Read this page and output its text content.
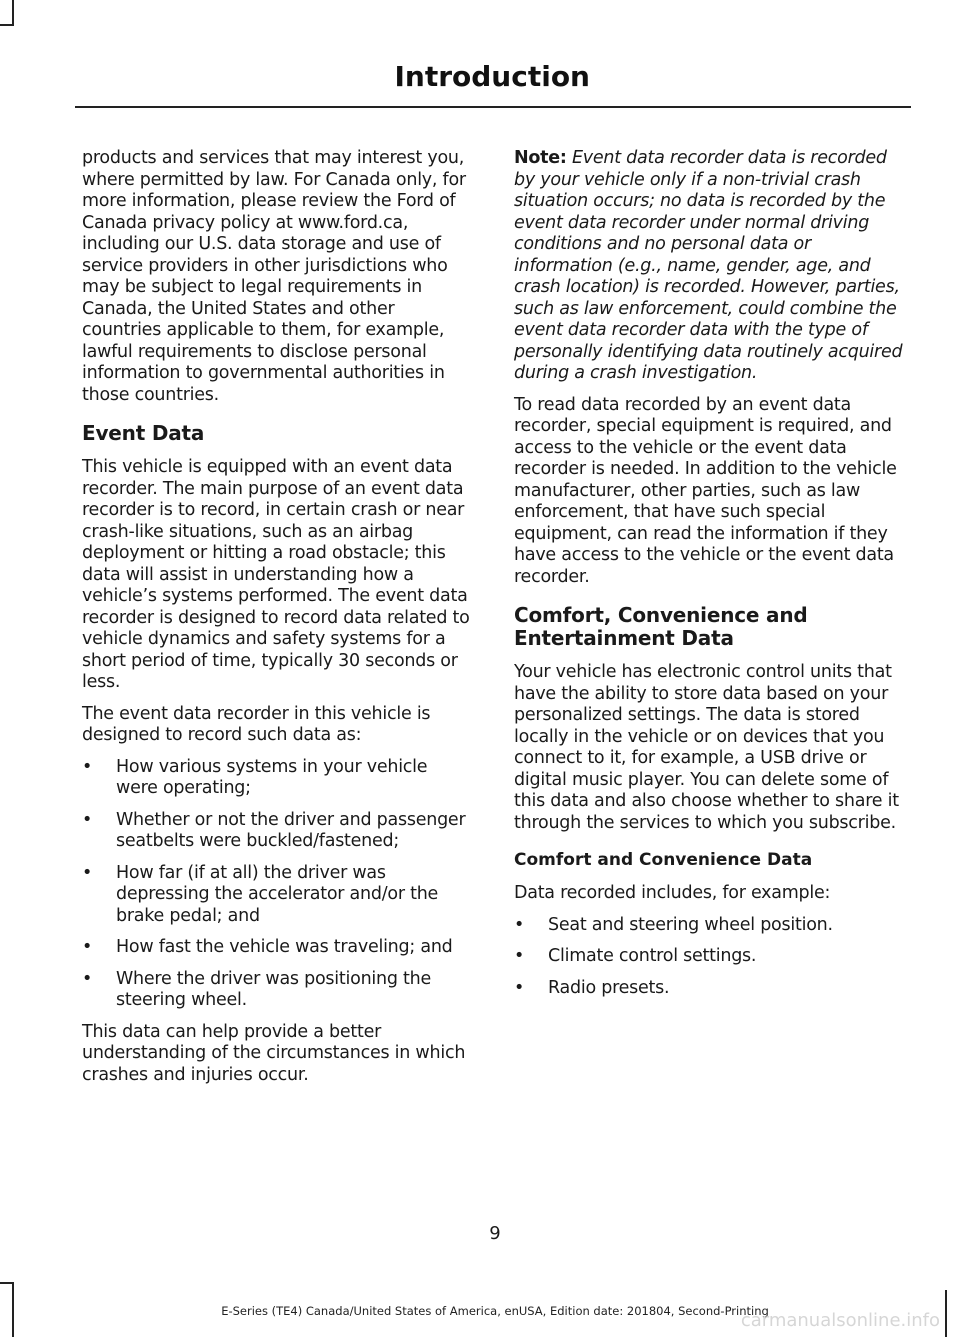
Introduction

products and services that may interest you, where permitted by law. For Canada only, for more information, please review the Ford of Canada privacy policy at www.ford.ca, including our U.S. data storage and use of service providers in other jurisdictions who may be subject to legal requirements in Canada, the United States and other countries applicable to them, for example, lawful requirements to disclose personal information to governmental authorities in those countries.

Event Data

This vehicle is equipped with an event data recorder. The main purpose of an event data recorder is to record, in certain crash or near crash-like situations, such as an airbag deployment or hitting a road obstacle; this data will assist in understanding how a vehicle’s systems performed. The event data recorder is designed to record data related to vehicle dynamics and safety systems for a short period of time, typically 30 seconds or less.

The event data recorder in this vehicle is designed to record such data as:

• How various systems in your vehicle were operating;
• Whether or not the driver and passenger seatbelts were buckled/fastened;
• How far (if at all) the driver was depressing the accelerator and/or the brake pedal; and
• How fast the vehicle was traveling; and
• Where the driver was positioning the steering wheel.

This data can help provide a better understanding of the circumstances in which crashes and injuries occur.

Note: Event data recorder data is recorded by your vehicle only if a non-trivial crash situation occurs; no data is recorded by the event data recorder under normal driving conditions and no personal data or information (e.g., name, gender, age, and crash location) is recorded. However, parties, such as law enforcement, could combine the event data recorder data with the type of personally identifying data routinely acquired during a crash investigation.

To read data recorded by an event data recorder, special equipment is required, and access to the vehicle or the event data recorder is needed. In addition to the vehicle manufacturer, other parties, such as law enforcement, that have such special equipment, can read the information if they have access to the vehicle or the event data recorder.

Comfort, Convenience and Entertainment Data

Your vehicle has electronic control units that have the ability to store data based on your personalized settings. The data is stored locally in the vehicle or on devices that you connect to it, for example, a USB drive or digital music player. You can delete some of this data and also choose whether to share it through the services to which you subscribe.

Comfort and Convenience Data

Data recorded includes, for example:

• Seat and steering wheel position.
• Climate control settings.
• Radio presets.
9
E-Series (TE4) Canada/United States of America, enUSA, Edition date: 201804, Second-Printing
carmanualsonline.info
